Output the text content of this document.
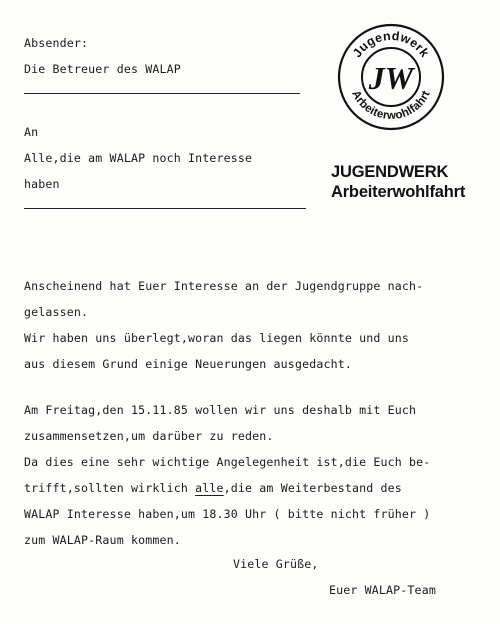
Absender:
Die Betreuer des WALAP
An
Alle,die am WALAP noch Interesse
haben
Jugendwerk
Arbeiterwohlfahrt
JW
JUGENDWERK
Arbeiterwohlfahrt
Anscheinend hat Euer Interesse an der Jugendgruppe nach-
gelassen.
Wir haben uns überlegt,woran das liegen könnte und uns
aus diesem Grund einige Neuerungen ausgedacht.
Am Freitag,den 15.11.85 wollen wir uns deshalb mit Euch
zusammensetzen,um darüber zu reden.
Da dies eine sehr wichtige Angelegenheit ist,die Euch be-
trifft,sollten wirklich alle,die am Weiterbestand des
WALAP Interesse haben,um 18.30 Uhr ( bitte nicht früher )
zum WALAP-Raum kommen.
Viele Grüße,
Euer WALAP-Team
